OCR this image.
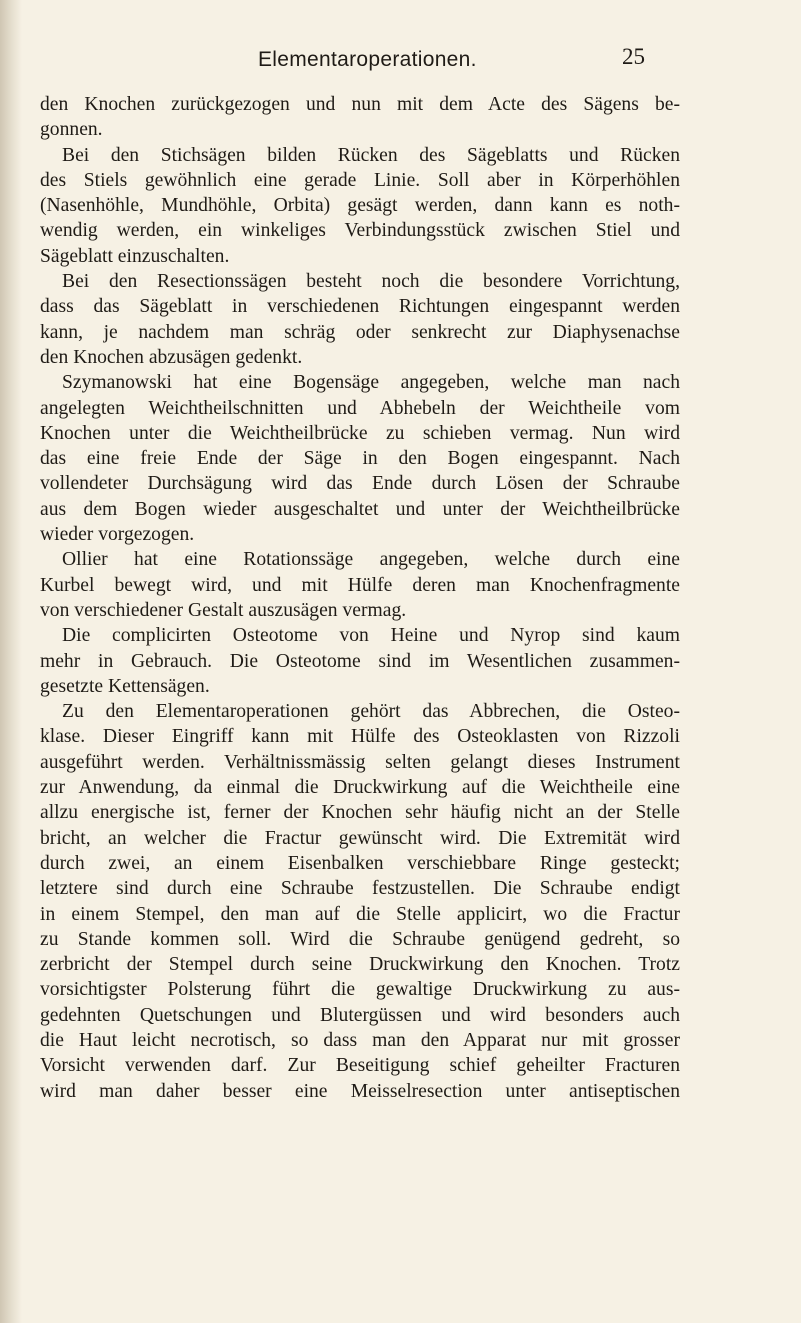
Elementaroperationen.	25
den Knochen zurückgezogen und nun mit dem Acte des Sägens be-
gonnen.
Bei den Stichsägen bilden Rücken des Sägeblatts und Rücken
des Stiels gewöhnlich eine gerade Linie. Soll aber in Körperhöhlen
(Nasenhöhle, Mundhöhle, Orbita) gesägt werden, dann kann es noth-
wendig werden, ein winkeliges Verbindungsstück zwischen Stiel und
Sägeblatt einzuschalten.
Bei den Resectionssägen besteht noch die besondere Vorrichtung,
dass das Sägeblatt in verschiedenen Richtungen eingespannt werden
kann, je nachdem man schräg oder senkrecht zur Diaphysenachse
den Knochen abzusägen gedenkt.
Szymanowski hat eine Bogensäge angegeben, welche man nach
angelegten Weichtheilschnitten und Abhebeln der Weichtheile vom
Knochen unter die Weichtheilbrücke zu schieben vermag. Nun wird
das eine freie Ende der Säge in den Bogen eingespannt. Nach
vollendeter Durchsägung wird das Ende durch Lösen der Schraube
aus dem Bogen wieder ausgeschaltet und unter der Weichtheilbrücke
wieder vorgezogen.
Ollier hat eine Rotationssäge angegeben, welche durch eine
Kurbel bewegt wird, und mit Hülfe deren man Knochenfragmente
von verschiedener Gestalt auszusägen vermag.
Die complicirten Osteotome von Heine und Nyrop sind kaum
mehr in Gebrauch. Die Osteotome sind im Wesentlichen zusammen-
gesetzte Kettensägen.
Zu den Elementaroperationen gehört das Abbrechen, die Osteo-
klase. Dieser Eingriff kann mit Hülfe des Osteoklasten von Rizzoli
ausgeführt werden. Verhältnissmässig selten gelangt dieses Instrument
zur Anwendung, da einmal die Druckwirkung auf die Weichtheile eine
allzu energische ist, ferner der Knochen sehr häufig nicht an der Stelle
bricht, an welcher die Fractur gewünscht wird. Die Extremität wird
durch zwei, an einem Eisenbalken verschiebbare Ringe gesteckt;
letztere sind durch eine Schraube festzustellen. Die Schraube endigt
in einem Stempel, den man auf die Stelle applicirt, wo die Fractur
zu Stande kommen soll. Wird die Schraube genügend gedreht, so
zerbricht der Stempel durch seine Druckwirkung den Knochen. Trotz
vorsichtigster Polsterung führt die gewaltige Druckwirkung zu aus-
gedehnten Quetschungen und Blutergüssen und wird besonders auch
die Haut leicht necrotisch, so dass man den Apparat nur mit grosser
Vorsicht verwenden darf. Zur Beseitigung schief geheilter Fracturen
wird man daher besser eine Meisselresection unter antiseptischen
